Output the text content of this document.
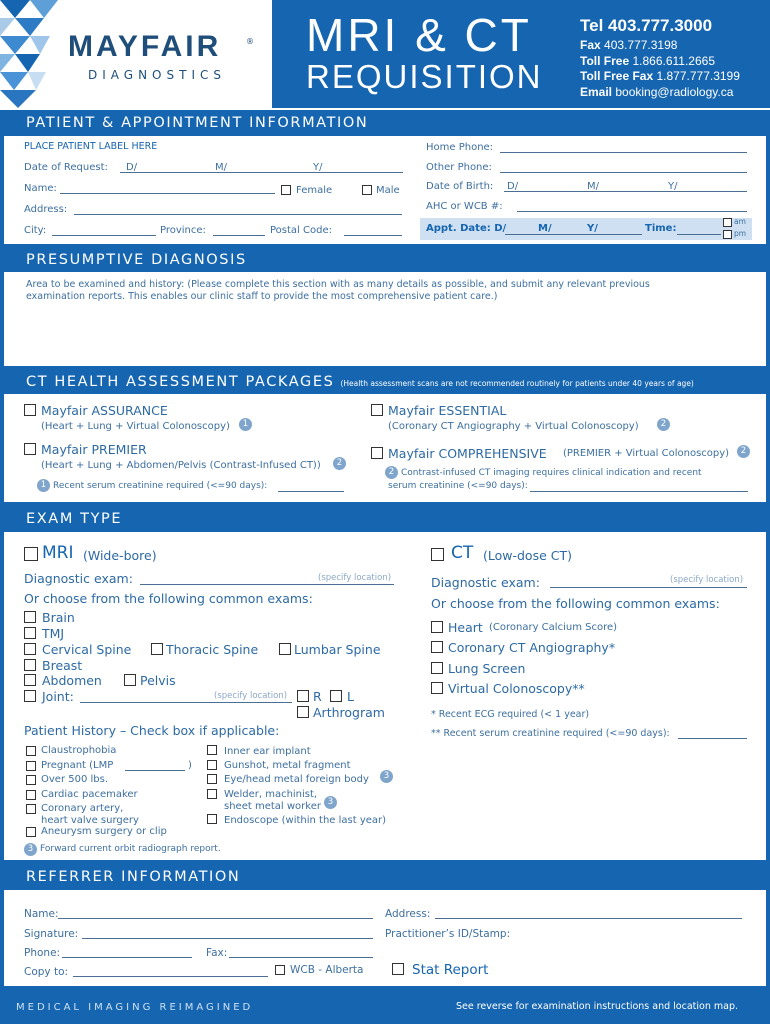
MAYFAIR	®
DIAGNOSTICS
MRI & CT
REQUISITION
Tel 403.777.3000
Fax 403.777.3198
Toll Free 1.866.611.2665
Toll Free Fax 1.877.777.3199
Email booking@radiology.ca
PATIENT & APPOINTMENT INFORMATION
PLACE PATIENT LABEL HERE
Date of Request: D/	M/	Y/
Name:	Female	Male
Address:
City:	Province:	Postal Code:
Home Phone:
Other Phone:
Date of Birth: D/	M/	Y/
AHC or WCB #:
Appt. Date: D/	M/	Y/	Time:
am
pm
PRESUMPTIVE DIAGNOSIS
Area to be examined and history: (Please complete this section with as many details as possible, and submit any relevant previous
examination reports. This enables our clinic staff to provide the most comprehensive patient care.)
CT HEALTH ASSESSMENT PACKAGES (Health assessment scans are not recommended routinely for patients under 40 years of age)
Mayfair ASSURANCE
(Heart + Lung + Virtual Colonoscopy)	1
Mayfair PREMIER
(Heart + Lung + Abdomen/Pelvis (Contrast-Infused CT))	2
1 Recent serum creatinine required (<=90 days):
Mayfair ESSENTIAL
(Coronary CT Angiography + Virtual Colonoscopy)	2
Mayfair COMPREHENSIVE (PREMIER + Virtual Colonoscopy)	2
2 Contrast-infused CT imaging requires clinical indication and recent
serum creatinine (<=90 days):
EXAM TYPE
MRI (Wide-bore)
Diagnostic exam:	(specify location)
Or choose from the following common exams:
Brain
TMJ
Cervical Spine	Thoracic Spine	Lumbar Spine
Breast
Abdomen	Pelvis
Joint:	(specify location) R L
Arthrogram
Patient History – Check box if applicable:
Claustrophobia
Pregnant (LMP	)
Over 500 lbs.
Cardiac pacemaker
Coronary artery,
heart valve surgery
Aneurysm surgery or clip
Inner ear implant
Gunshot, metal fragment
Eye/head metal foreign body	3
Welder, machinist,
sheet metal worker 3
Endoscope (within the last year)
3 Forward current orbit radiograph report.
CT (Low-dose CT)
Diagnostic exam:	(specify location)
Or choose from the following common exams:
Heart (Coronary Calcium Score)
Coronary CT Angiography*
Lung Screen
Virtual Colonoscopy**
* Recent ECG required (< 1 year)
** Recent serum creatinine required (<=90 days):
REFERRER INFORMATION
Name:
Signature:
Phone:	Fax:
Copy to:	WCB - Alberta
Address:
Practitioner’s ID/Stamp:
Stat Report
MEDICAL IMAGING REIMAGINED	See reverse for examination instructions and location map.
